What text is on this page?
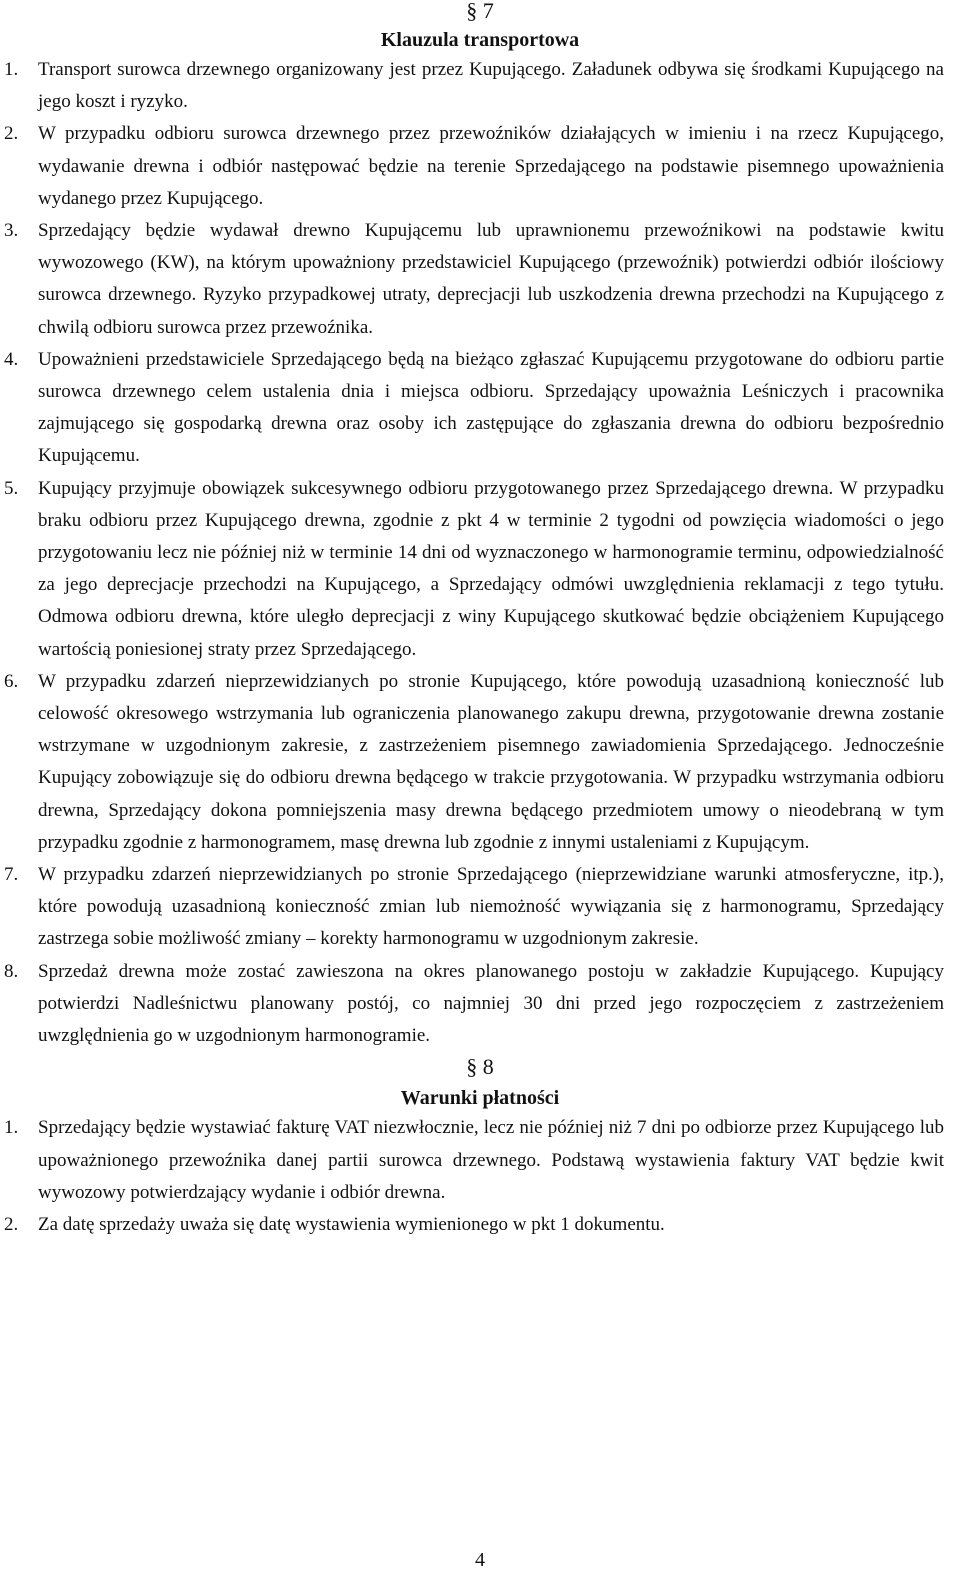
§ 7
Klauzula transportowa
1. Transport surowca drzewnego organizowany jest przez Kupującego. Załadunek odbywa się środkami Kupującego na jego koszt i ryzyko.
2. W przypadku odbioru surowca drzewnego przez przewoźników działających w imieniu i na rzecz Kupującego, wydawanie drewna i odbiór następować będzie na terenie Sprzedającego na podstawie pisemnego upoważnienia wydanego przez Kupującego.
3. Sprzedający będzie wydawał drewno Kupującemu lub uprawnionemu przewoźnikowi na podstawie kwitu wywozowego (KW), na którym upoważniony przedstawiciel Kupującego (przewoźnik) potwierdzi odbiór ilościowy surowca drzewnego. Ryzyko przypadkowej utraty, deprecjacji lub uszkodzenia drewna przechodzi na Kupującego z chwilą odbioru surowca przez przewoźnika.
4. Upoważnieni przedstawiciele Sprzedającego będą na bieżąco zgłaszać Kupującemu przygotowane do odbioru partie surowca drzewnego celem ustalenia dnia i miejsca odbioru. Sprzedający upoważnia Leśniczych i pracownika zajmującego się gospodarką drewna oraz osoby ich zastępujące do zgłaszania drewna do odbioru bezpośrednio Kupującemu.
5. Kupujący przyjmuje obowiązek sukcesywnego odbioru przygotowanego przez Sprzedającego drewna. W przypadku braku odbioru przez Kupującego drewna, zgodnie z pkt 4 w terminie 2 tygodni od powzięcia wiadomości o jego przygotowaniu lecz nie później niż w terminie 14 dni od wyznaczonego w harmonogramie terminu, odpowiedzialność za jego deprecjacje przechodzi na Kupującego, a Sprzedający odmówi uwzględnienia reklamacji z tego tytułu. Odmowa odbioru drewna, które uległo deprecjacji z winy Kupującego skutkować będzie obciążeniem Kupującego wartością poniesionej straty przez Sprzedającego.
6. W przypadku zdarzeń nieprzewidzianych po stronie Kupującego, które powodują uzasadnioną konieczność lub celowość okresowego wstrzymania lub ograniczenia planowanego zakupu drewna, przygotowanie drewna zostanie wstrzymane w uzgodnionym zakresie, z zastrzeżeniem pisemnego zawiadomienia Sprzedającego. Jednocześnie Kupujący zobowiązuje się do odbioru drewna będącego w trakcie przygotowania. W przypadku wstrzymania odbioru drewna, Sprzedający dokona pomniejszenia masy drewna będącego przedmiotem umowy o nieodebraną w tym przypadku zgodnie z harmonogramem, masę drewna lub zgodnie z innymi ustaleniami z Kupującym.
7. W przypadku zdarzeń nieprzewidzianych po stronie Sprzedającego (nieprzewidziane warunki atmosferyczne, itp.), które powodują uzasadnioną konieczność zmian lub niemożność wywiązania się z harmonogramu, Sprzedający zastrzega sobie możliwość zmiany – korekty harmonogramu w uzgodnionym zakresie.
8. Sprzedaż drewna może zostać zawieszona na okres planowanego postoju w zakładzie Kupującego. Kupujący potwierdzi Nadleśnictwu planowany postój, co najmniej 30 dni przed jego rozpoczęciem z zastrzeżeniem uwzględnienia go w uzgodnionym harmonogramie.
§ 8
Warunki płatności
1. Sprzedający będzie wystawiać fakturę VAT niezwłocznie, lecz nie później niż 7 dni po odbiorze przez Kupującego lub upoważnionego przewoźnika danej partii surowca drzewnego. Podstawą wystawienia faktury VAT będzie kwit wywozowy potwierdzający wydanie i odbiór drewna.
2. Za datę sprzedaży uważa się datę wystawienia wymienionego w pkt 1 dokumentu.
4
